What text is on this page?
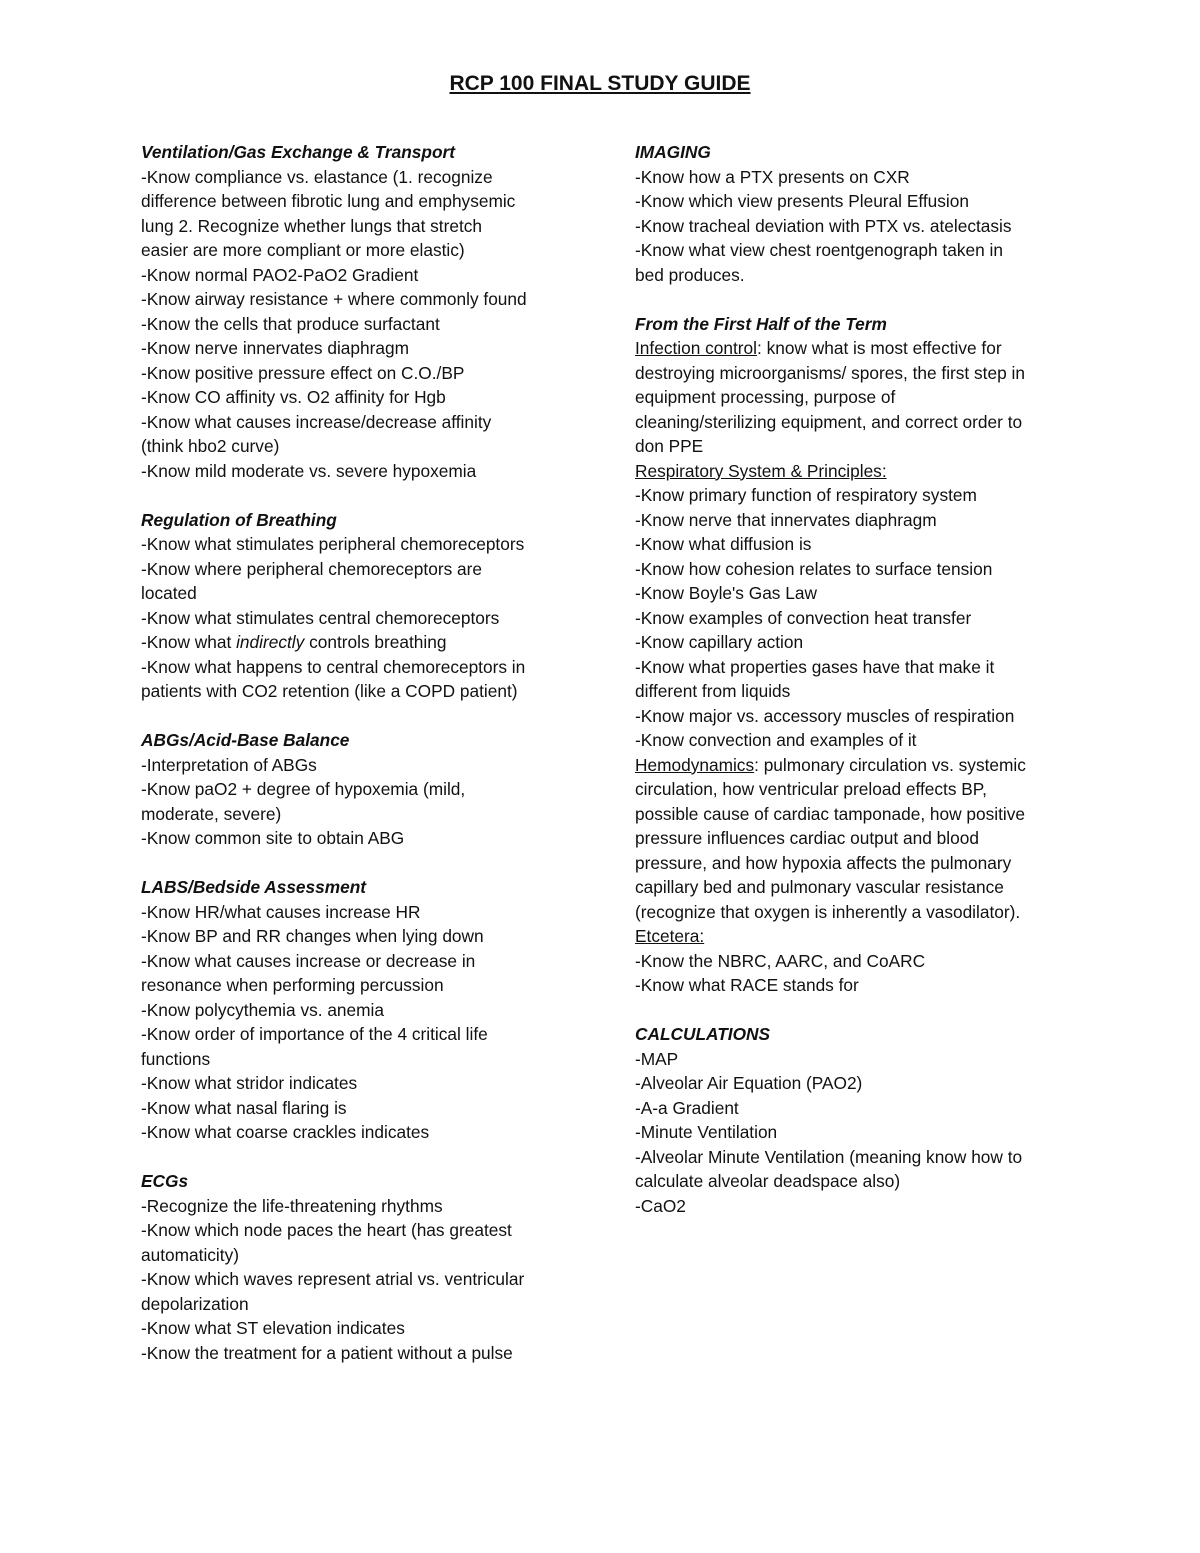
RCP 100 FINAL STUDY GUIDE
Ventilation/Gas Exchange & Transport
-Know compliance vs. elastance (1. recognize
difference between fibrotic lung and emphysemic
lung 2. Recognize whether lungs that stretch
easier are more compliant or more elastic)
-Know normal PAO2-PaO2 Gradient
-Know airway resistance + where commonly found
-Know the cells that produce surfactant
-Know nerve innervates diaphragm
-Know positive pressure effect on C.O./BP
-Know CO affinity vs. O2 affinity for Hgb
-Know what causes increase/decrease affinity
(think hbo2 curve)
-Know mild moderate vs. severe hypoxemia
Regulation of Breathing
-Know what stimulates peripheral chemoreceptors
-Know where peripheral chemoreceptors are
located
-Know what stimulates central chemoreceptors
-Know what indirectly controls breathing
-Know what happens to central chemoreceptors in
patients with CO2 retention (like a COPD patient)
ABGs/Acid-Base Balance
-Interpretation of ABGs
-Know paO2 + degree of hypoxemia (mild,
moderate, severe)
-Know common site to obtain ABG
LABS/Bedside Assessment
-Know HR/what causes increase HR
-Know BP and RR changes when lying down
-Know what causes increase or decrease in
resonance when performing percussion
-Know polycythemia vs. anemia
-Know order of importance of the 4 critical life
functions
-Know what stridor indicates
-Know what nasal flaring is
-Know what coarse crackles indicates
ECGs
-Recognize the life-threatening rhythms
-Know which node paces the heart (has greatest
automaticity)
-Know which waves represent atrial vs. ventricular
depolarization
-Know what ST elevation indicates
-Know the treatment for a patient without a pulse
IMAGING
-Know how a PTX presents on CXR
-Know which view presents Pleural Effusion
-Know tracheal deviation with PTX vs. atelectasis
-Know what view chest roentgenograph taken in
bed produces.
From the First Half of the Term
Infection control: know what is most effective for
destroying microorganisms/ spores, the first step in
equipment processing, purpose of
cleaning/sterilizing equipment, and correct order to
don PPE
Respiratory System & Principles:
-Know primary function of respiratory system
-Know nerve that innervates diaphragm
-Know what diffusion is
-Know how cohesion relates to surface tension
-Know Boyle's Gas Law
-Know examples of convection heat transfer
-Know capillary action
-Know what properties gases have that make it
different from liquids
-Know major vs. accessory muscles of respiration
-Know convection and examples of it
Hemodynamics: pulmonary circulation vs. systemic
circulation, how ventricular preload effects BP,
possible cause of cardiac tamponade, how positive
pressure influences cardiac output and blood
pressure, and how hypoxia affects the pulmonary
capillary bed and pulmonary vascular resistance
(recognize that oxygen is inherently a vasodilator).
Etcetera:
-Know the NBRC, AARC, and CoARC
-Know what RACE stands for
CALCULATIONS
-MAP
-Alveolar Air Equation (PAO2)
-A-a Gradient
-Minute Ventilation
-Alveolar Minute Ventilation (meaning know how to
calculate alveolar deadspace also)
-CaO2
